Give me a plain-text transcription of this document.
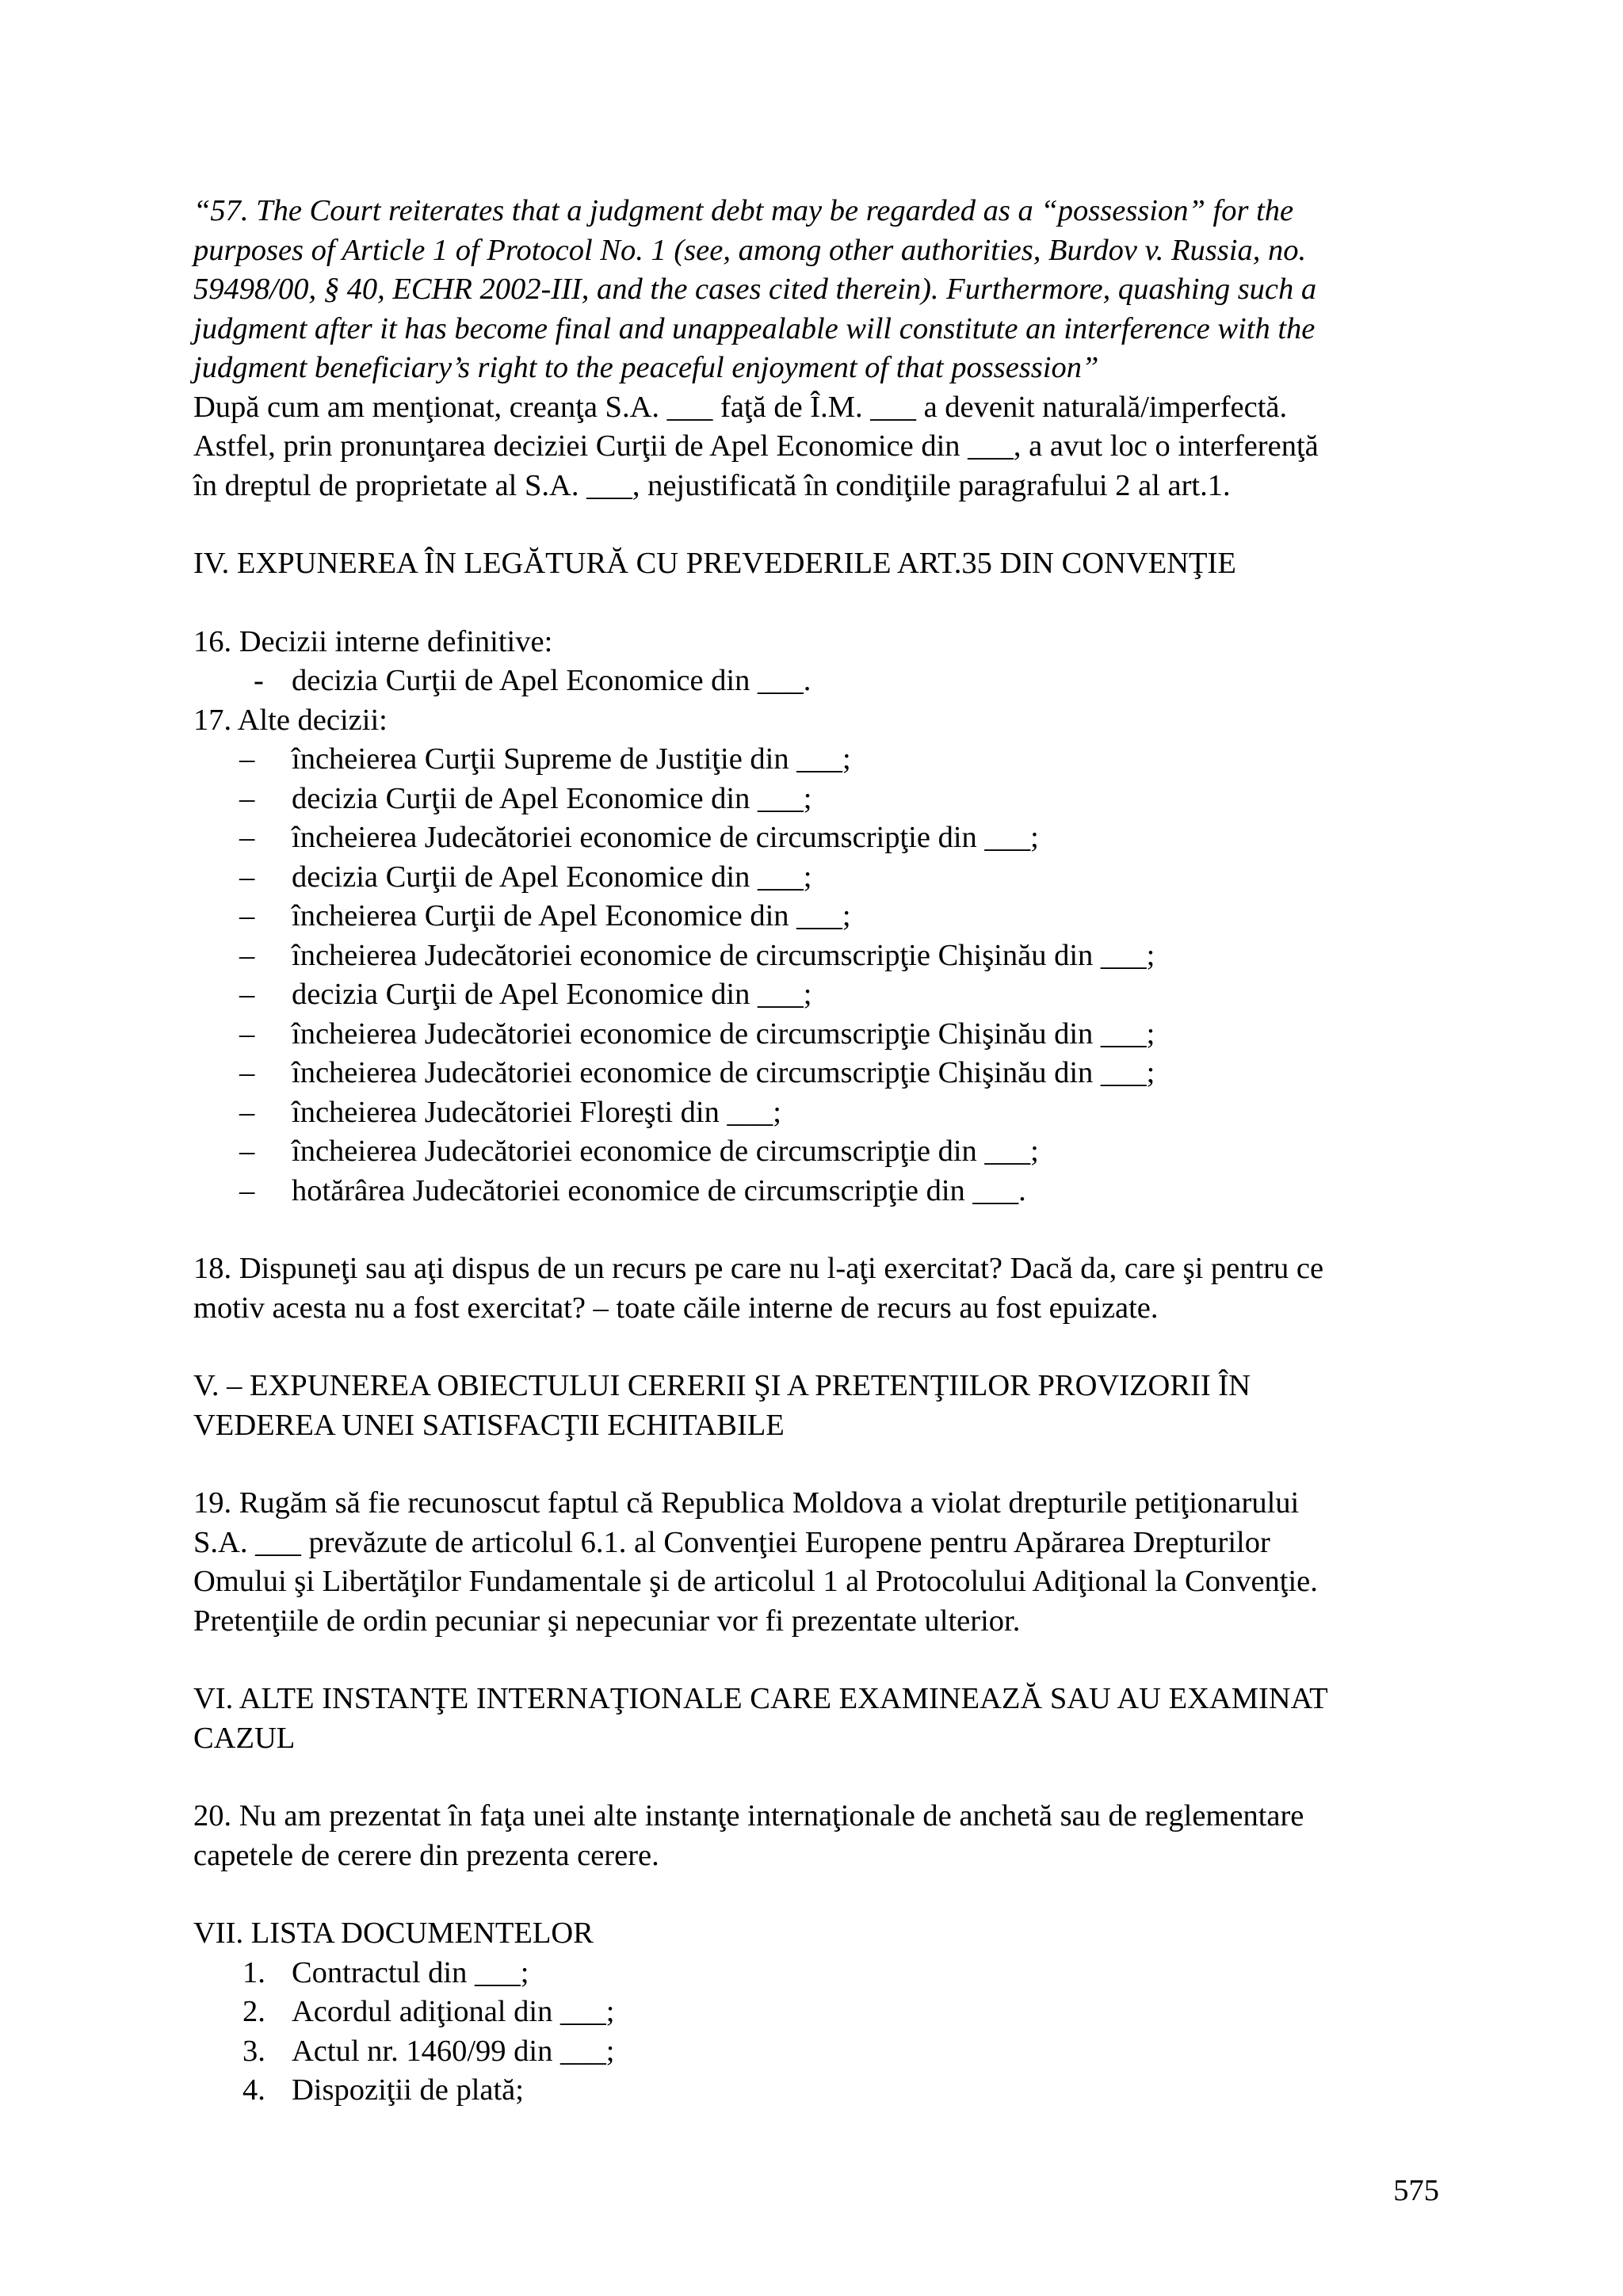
“57. The Court reiterates that a judgment debt may be regarded as a “possession” for the

purposes of Article 1 of Protocol No. 1 (see, among other authorities, Burdov v. Russia, no.

59498/00, § 40, ECHR 2002-III, and the cases cited therein). Furthermore, quashing such a

judgment after it has become final and unappealable will constitute an interference with the

judgment beneficiary’s right to the peaceful enjoyment of that possession”

După cum am menţionat, creanţa S.A. ___ faţă de Î.M. ___ a devenit naturală/imperfectă.

Astfel, prin pronunţarea deciziei Curţii de Apel Economice din ___, a avut loc o interferenţă

în dreptul de proprietate al S.A. ___, nejustificată în condiţiile paragrafului 2 al art.1.

IV. EXPUNEREA ÎN LEGĂTURĂ CU PREVEDERILE ART.35 DIN CONVENŢIE

16. Decizii interne definitive:

- decizia Curţii de Apel Economice din ___.

17. Alte decizii:

– încheierea Curţii Supreme de Justiţie din ___;
– decizia Curţii de Apel Economice din ___;
– încheierea Judecătoriei economice de circumscripţie din ___;
– decizia Curţii de Apel Economice din ___;
– încheierea Curţii de Apel Economice din ___;
– încheierea Judecătoriei economice de circumscripţie Chişinău din ___;
– decizia Curţii de Apel Economice din ___;
– încheierea Judecătoriei economice de circumscripţie Chişinău din ___;
– încheierea Judecătoriei economice de circumscripţie Chişinău din ___;
– încheierea Judecătoriei Floreşti din ___;
– încheierea Judecătoriei economice de circumscripţie din ___;
– hotărârea Judecătoriei economice de circumscripţie din ___.

18. Dispuneţi sau aţi dispus de un recurs pe care nu l-aţi exercitat? Dacă da, care şi pentru ce

motiv acesta nu a fost exercitat? – toate căile interne de recurs au fost epuizate.

V. – EXPUNEREA OBIECTULUI CERERII ŞI A PRETENŢIILOR PROVIZORII ÎN

VEDEREA UNEI SATISFACŢII ECHITABILE

19. Rugăm să fie recunoscut faptul că Republica Moldova a violat drepturile petiţionarului

S.A. ___ prevăzute de articolul 6.1. al Convenţiei Europene pentru Apărarea Drepturilor

Omului şi Libertăţilor Fundamentale şi de articolul 1 al Protocolului Adiţional la Convenţie.

Pretenţiile de ordin pecuniar şi nepecuniar vor fi prezentate ulterior.

VI. ALTE INSTANŢE INTERNAŢIONALE CARE EXAMINEAZĂ SAU AU EXAMINAT

CAZUL

20. Nu am prezentat în faţa unei alte instanţe internaţionale de anchetă sau de reglementare

capetele de cerere din prezenta cerere.

VII. LISTA DOCUMENTELOR

1. Contractul din ___;
2. Acordul adiţional din ___;
3. Actul nr. 1460/99 din ___;
4. Dispoziţii de plată;
575
